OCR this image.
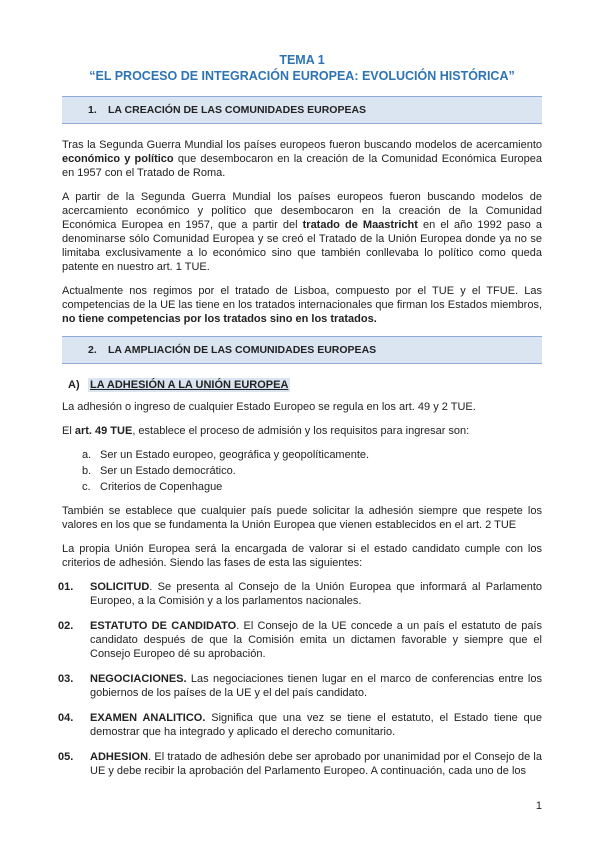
TEMA 1
“EL PROCESO DE INTEGRACIÓN EUROPEA: EVOLUCIÓN HISTÓRICA”
1. LA CREACIÓN DE LAS COMUNIDADES EUROPEAS

Tras la Segunda Guerra Mundial los países europeos fueron buscando modelos de acercamiento económico y político que desembocaron en la creación de la Comunidad Económica Europea en 1957 con el Tratado de Roma.

A partir de la Segunda Guerra Mundial los países europeos fueron buscando modelos de acercamiento económico y político que desembocaron en la creación de la Comunidad Económica Europea en 1957, que a partir del tratado de Maastricht en el año 1992 paso a denominarse sólo Comunidad Europea y se creó el Tratado de la Unión Europea donde ya no se limitaba exclusivamente a lo económico sino que también conllevaba lo político como queda patente en nuestro art. 1 TUE.

Actualmente nos regimos por el tratado de Lisboa, compuesto por el TUE y el TFUE. Las competencias de la UE las tiene en los tratados internacionales que firman los Estados miembros, no tiene competencias por los tratados sino en los tratados.

2. LA AMPLIACIÓN DE LAS COMUNIDADES EUROPEAS
A) LA ADHESIÓN A LA UNIÓN EUROPEA

La adhesión o ingreso de cualquier Estado Europeo se regula en los art. 49 y 2 TUE.

El art. 49 TUE, establece el proceso de admisión y los requisitos para ingresar son:

a. Ser un Estado europeo, geográfica y geopolíticamente.
b. Ser un Estado democrático.
c. Criterios de Copenhague

También se establece que cualquier país puede solicitar la adhesión siempre que respete los valores en los que se fundamenta la Unión Europea que vienen establecidos en el art. 2 TUE

La propia Unión Europea será la encargada de valorar si el estado candidato cumple con los criterios de adhesión. Siendo las fases de esta las siguientes:

01.	SOLICITUD. Se presenta al Consejo de la Unión Europea que informará al Parlamento Europeo, a la Comisión y a los parlamentos nacionales.
02.	ESTATUTO DE CANDIDATO. El Consejo de la UE concede a un país el estatuto de país candidato después de que la Comisión emita un dictamen favorable y siempre que el Consejo Europeo dé su aprobación.
03.	NEGOCIACIONES. Las negociaciones tienen lugar en el marco de conferencias entre los gobiernos de los países de la UE y el del país candidato.
04.	EXAMEN ANALITICO. Significa que una vez se tiene el estatuto, el Estado tiene que demostrar que ha integrado y aplicado el derecho comunitario.
05.	ADHESION. El tratado de adhesión debe ser aprobado por unanimidad por el Consejo de la UE y debe recibir la aprobación del Parlamento Europeo. A continuación, cada uno de los
1
